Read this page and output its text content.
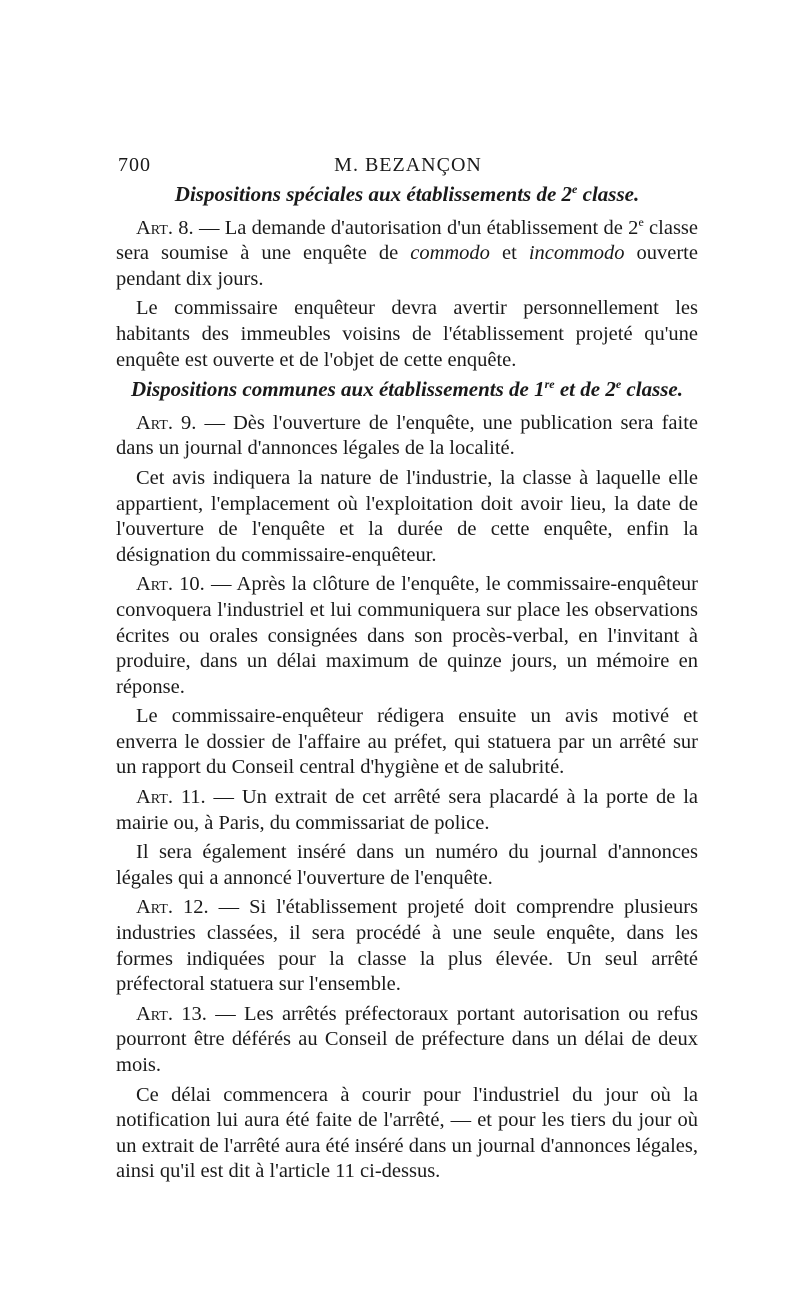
700	M. BEZANÇON
Dispositions spéciales aux établissements de 2e classe.

Art. 8. — La demande d'autorisation d'un établissement de 2e classe sera soumise à une enquête de commodo et incommodo ouverte pendant dix jours.

Le commissaire enquêteur devra avertir personnellement les habitants des immeubles voisins de l'établissement projeté qu'une enquête est ouverte et de l'objet de cette enquête.

Dispositions communes aux établissements de 1re et de 2e classe.

Art. 9. — Dès l'ouverture de l'enquête, une publication sera faite dans un journal d'annonces légales de la localité.

Cet avis indiquera la nature de l'industrie, la classe à laquelle elle appartient, l'emplacement où l'exploitation doit avoir lieu, la date de l'ouverture de l'enquête et la durée de cette enquête, enfin la désignation du commissaire-enquêteur.

Art. 10. — Après la clôture de l'enquête, le commissaire-enquêteur convoquera l'industriel et lui communiquera sur place les observations écrites ou orales consignées dans son procès-verbal, en l'invitant à produire, dans un délai maximum de quinze jours, un mémoire en réponse.

Le commissaire-enquêteur rédigera ensuite un avis motivé et enverra le dossier de l'affaire au préfet, qui statuera par un arrêté sur un rapport du Conseil central d'hygiène et de salubrité.

Art. 11. — Un extrait de cet arrêté sera placardé à la porte de la mairie ou, à Paris, du commissariat de police.

Il sera également inséré dans un numéro du journal d'annonces légales qui a annoncé l'ouverture de l'enquête.

Art. 12. — Si l'établissement projeté doit comprendre plusieurs industries classées, il sera procédé à une seule enquête, dans les formes indiquées pour la classe la plus élevée. Un seul arrêté préfectoral statuera sur l'ensemble.

Art. 13. — Les arrêtés préfectoraux portant autorisation ou refus pourront être déférés au Conseil de préfecture dans un délai de deux mois.

Ce délai commencera à courir pour l'industriel du jour où la notification lui aura été faite de l'arrêté, — et pour les tiers du jour où un extrait de l'arrêté aura été inséré dans un journal d'annonces légales, ainsi qu'il est dit à l'article 11 ci-dessus.
